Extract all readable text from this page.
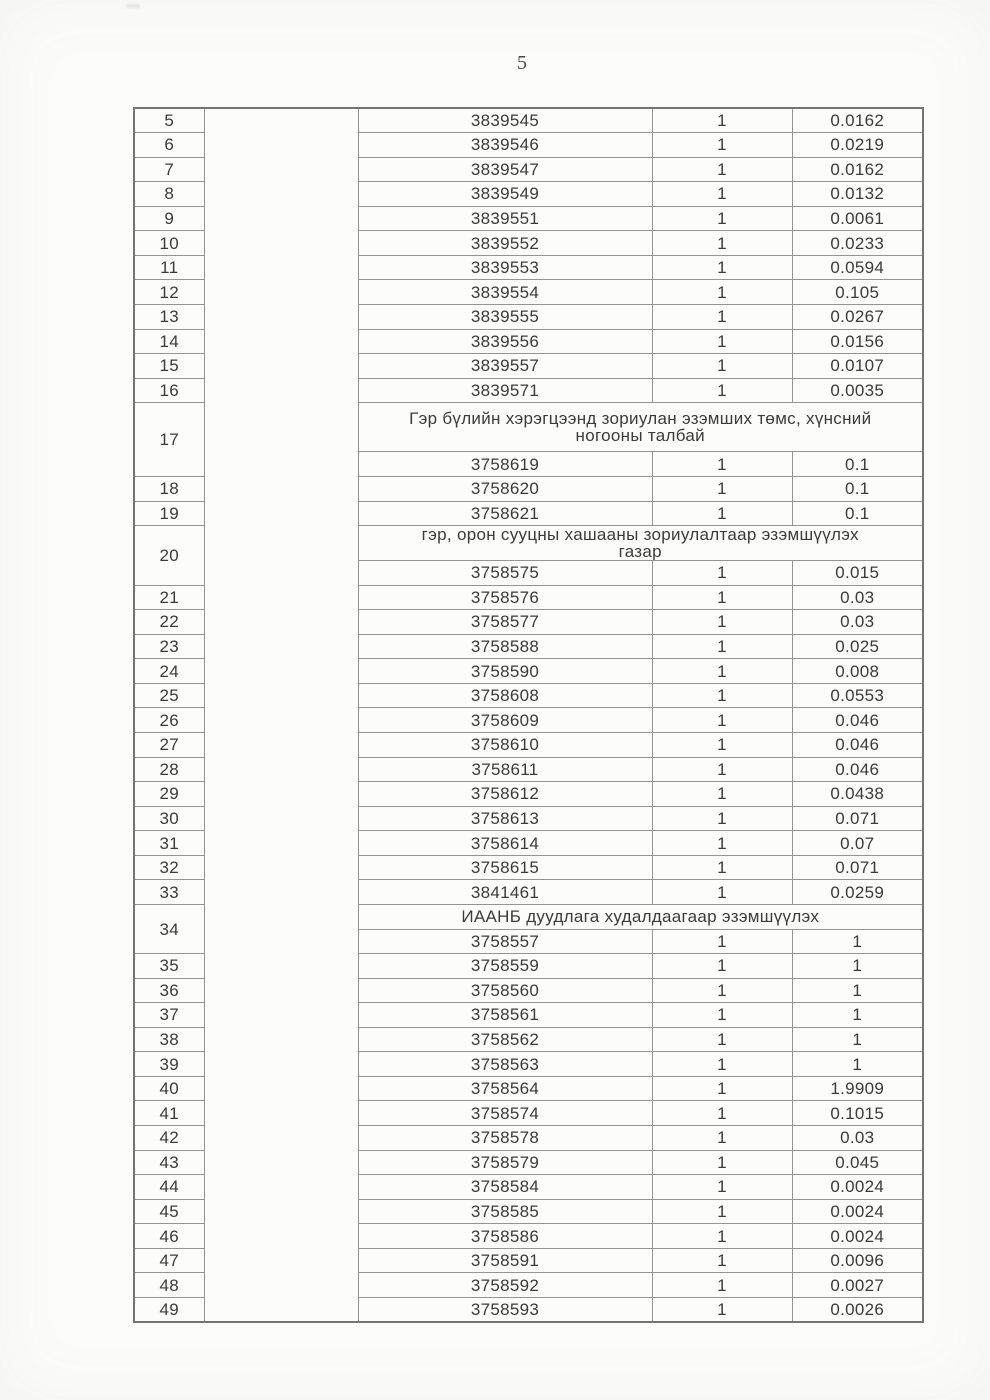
5
5		3839545	1	0.0162
6		3839546	1	0.0219
7		3839547	1	0.0162
8		3839549	1	0.0132
9		3839551	1	0.0061
10		3839552	1	0.0233
11		3839553	1	0.0594
12		3839554	1	0.105
13		3839555	1	0.0267
14		3839556	1	0.0156
15		3839557	1	0.0107
16		3839571	1	0.0035
17		Гэр бүлийн хэрэгцээнд зориулан эзэмших төмс, хүнсний ногооны талбай		
		3758619	1	0.1
18		3758620	1	0.1
19		3758621	1	0.1
20		гэр, орон сууцны хашааны зориулалтаар эзэмшүүлэх газар		
		3758575	1	0.015
21		3758576	1	0.03
22		3758577	1	0.03
23		3758588	1	0.025
24		3758590	1	0.008
25		3758608	1	0.0553
26		3758609	1	0.046
27		3758610	1	0.046
28		3758611	1	0.046
29		3758612	1	0.0438
30		3758613	1	0.071
31		3758614	1	0.07
32		3758615	1	0.071
33		3841461	1	0.0259
34		ИААНБ дуудлага худалдаагаар эзэмшүүлэх		
		3758557	1	1
35		3758559	1	1
36		3758560	1	1
37		3758561	1	1
38		3758562	1	1
39		3758563	1	1
40		3758564	1	1.9909
41		3758574	1	0.1015
42		3758578	1	0.03
43		3758579	1	0.045
44		3758584	1	0.0024
45		3758585	1	0.0024
46		3758586	1	0.0024
47		3758591	1	0.0096
48		3758592	1	0.0027
49		3758593	1	0.0026
